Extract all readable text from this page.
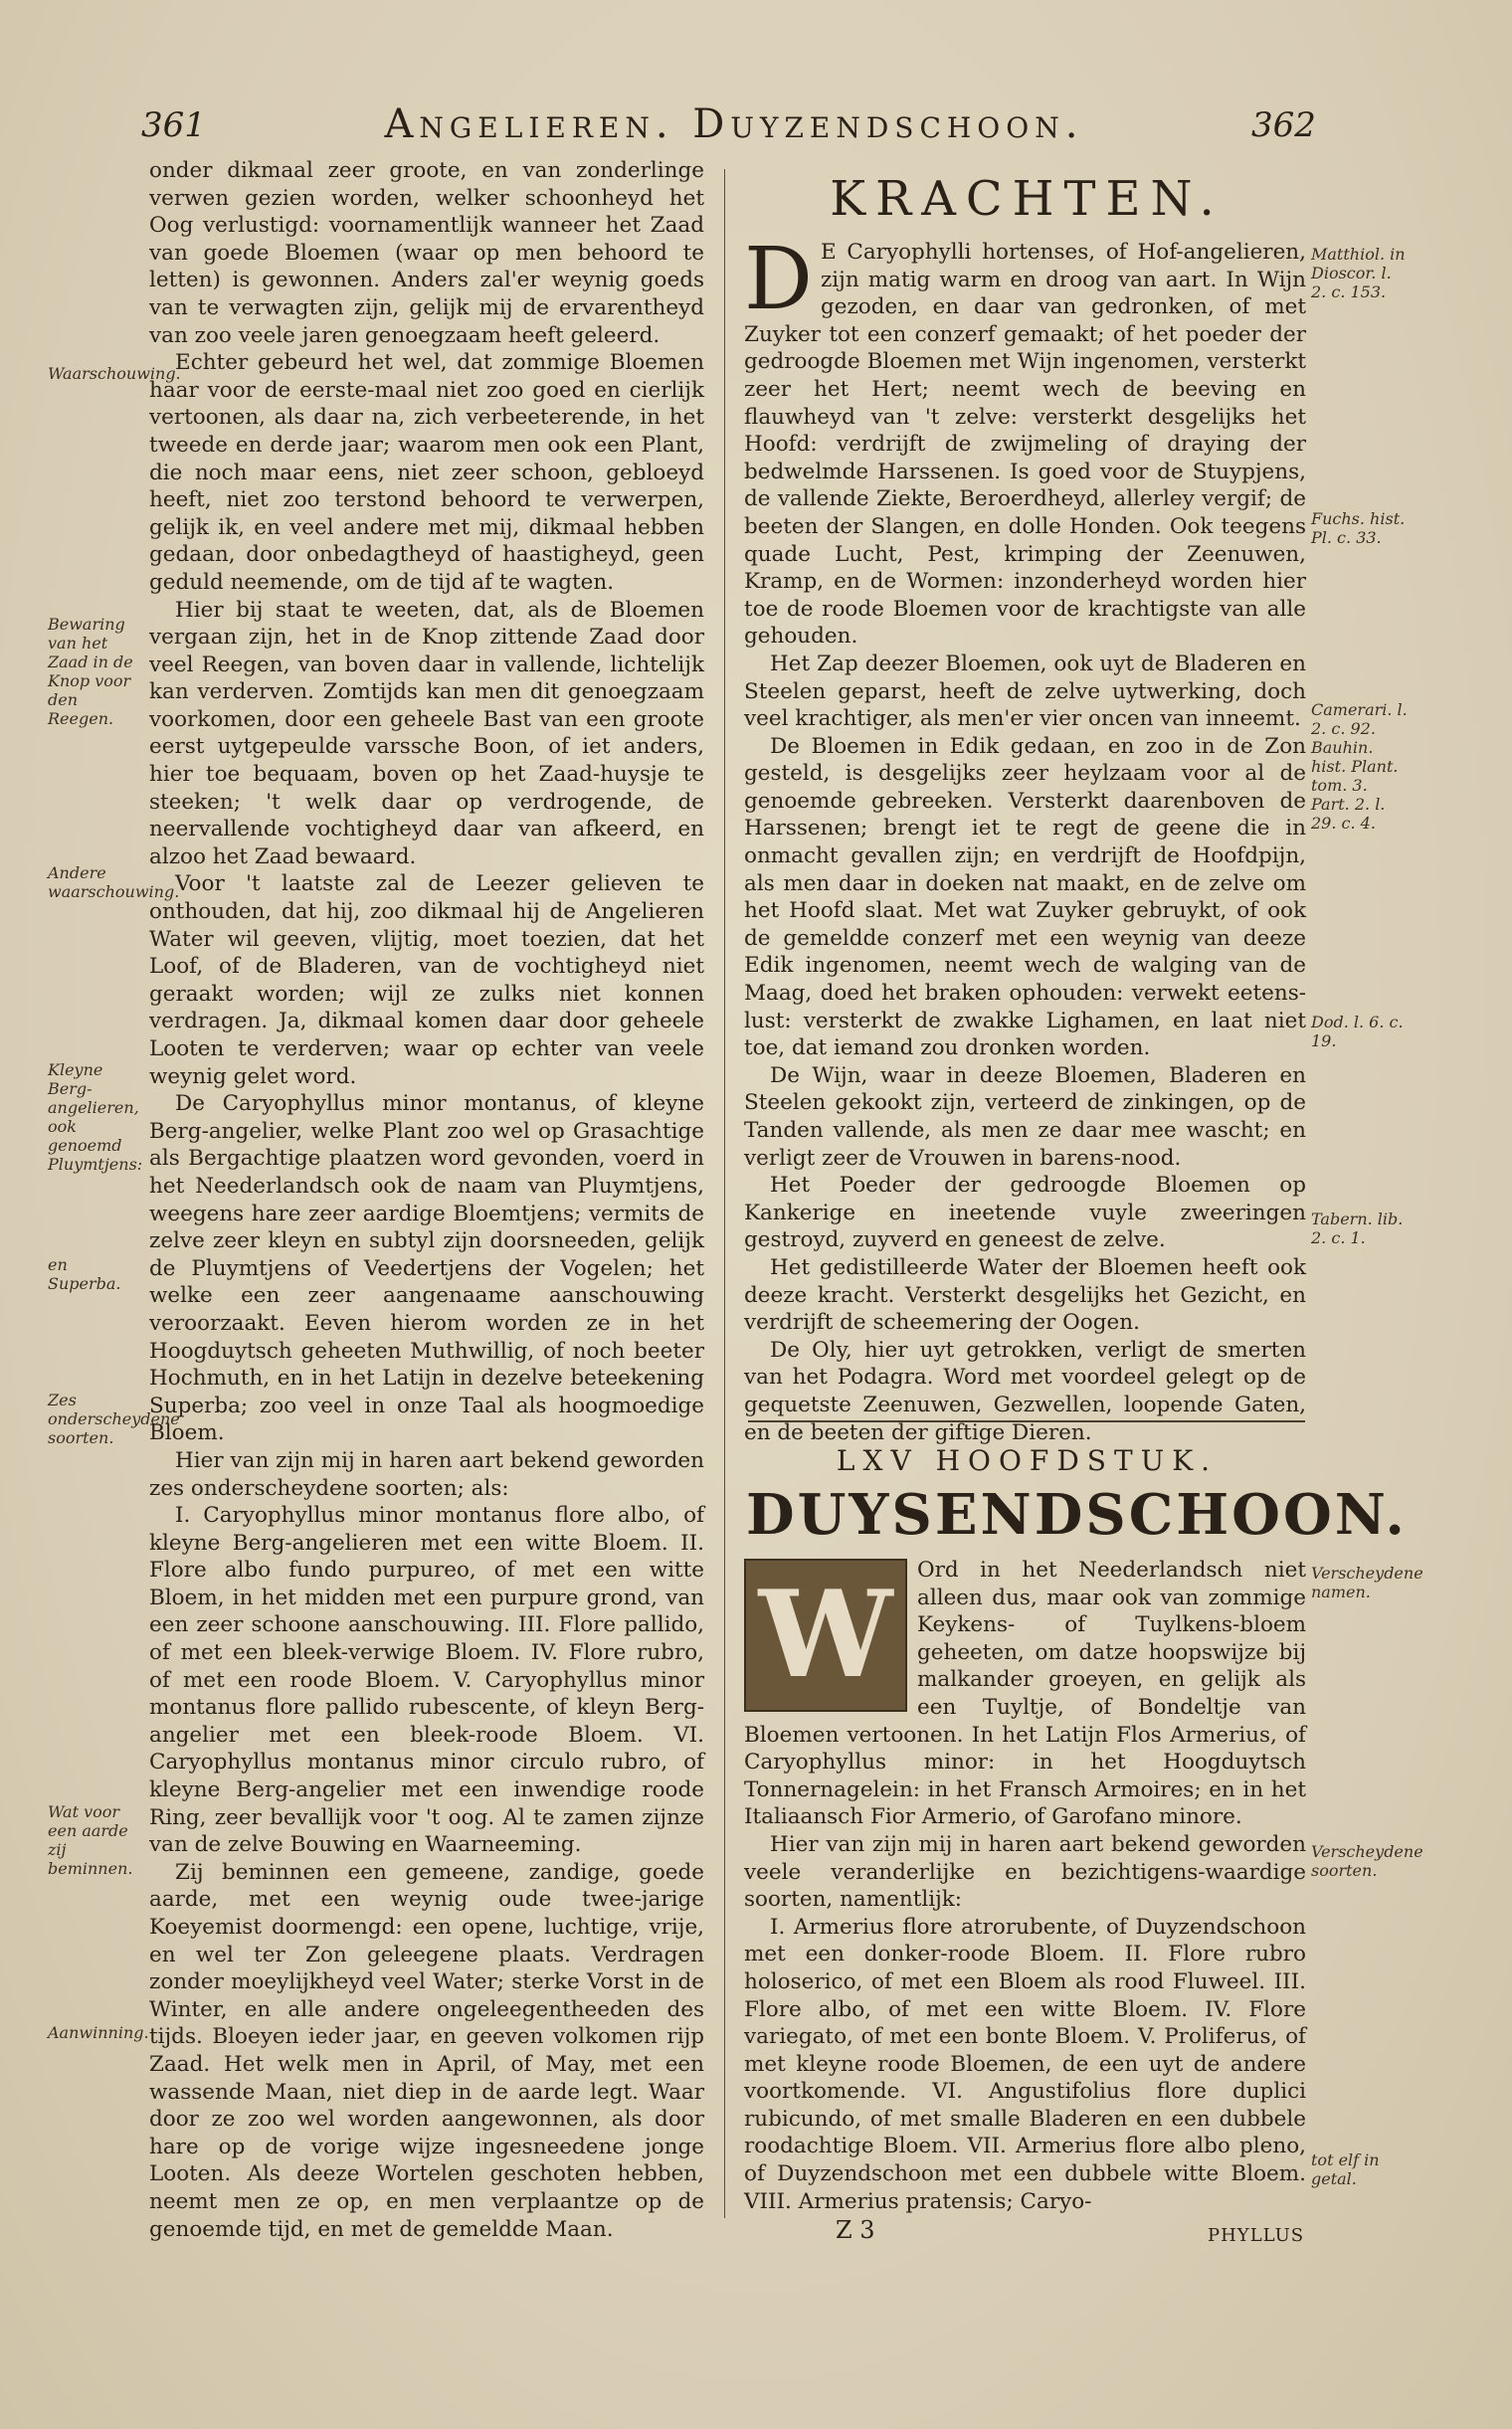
361	Angelieren. Duyzendschoon.	362

onder dikmaal zeer groote, en van zonderlinge verwen gezien worden, welker schoonheyd het Oog verlustigd: voornamentlijk wanneer het Zaad van goede Bloemen (waar op men behoord te letten) is gewonnen. Anders zal'er weynig goeds van te verwagten zijn, gelijk mij de ervarentheyd van zoo veele jaren genoegzaam heeft geleerd.

Echter gebeurd het wel, dat zommige Bloemen haar voor de eerste-maal niet zoo goed en cierlijk vertoonen, als daar na, zich verbeeterende, in het tweede en derde jaar; waarom men ook een Plant, die noch maar eens, niet zeer schoon, gebloeyd heeft, niet zoo terstond behoord te verwerpen, gelijk ik, en veel andere met mij, dikmaal hebben gedaan, door onbedagtheyd of haastigheyd, geen geduld neemende, om de tijd af te wagten.

Hier bij staat te weeten, dat, als de Bloemen vergaan zijn, het in de Knop zittende Zaad door veel Reegen, van boven daar in vallende, lichtelijk kan verderven. Zomtijds kan men dit genoegzaam voorkomen, door een geheele Bast van een groote eerst uytgepeulde varssche Boon, of iet anders, hier toe bequaam, boven op het Zaad-huysje te steeken; 't welk daar op verdrogende, de neervallende vochtigheyd daar van afkeerd, en alzoo het Zaad bewaard.

Voor 't laatste zal de Leezer gelieven te onthouden, dat hij, zoo dikmaal hij de Angelieren Water wil geeven, vlijtig, moet toezien, dat het Loof, of de Bladeren, van de vochtigheyd niet geraakt worden; wijl ze zulks niet konnen verdragen. Ja, dikmaal komen daar door geheele Looten te verderven; waar op echter van veele weynig gelet word.

De Caryophyllus minor montanus, of kleyne Berg-angelier, welke Plant zoo wel op Grasachtige als Bergachtige plaatzen word gevonden, voerd in het Neederlandsch ook de naam van Pluymtjens, weegens hare zeer aardige Bloemtjens; vermits de zelve zeer kleyn en subtyl zijn doorsneeden, gelijk de Pluymtjens of Veedertjens der Vogelen; het welke een zeer aangenaame aanschouwing veroorzaakt. Eeven hierom worden ze in het Hoogduytsch geheeten Muthwillig, of noch beeter Hochmuth, en in het Latijn in dezelve beteekening Superba; zoo veel in onze Taal als hoogmoedige Bloem.

Hier van zijn mij in haren aart bekend geworden zes onderscheydene soorten; als:

I. Caryophyllus minor montanus flore albo, of kleyne Berg-angelieren met een witte Bloem. II. Flore albo fundo purpureo, of met een witte Bloem, in het midden met een purpure grond, van een zeer schoone aanschouwing. III. Flore pallido, of met een bleek-verwige Bloem. IV. Flore rubro, of met een roode Bloem. V. Caryophyllus minor montanus flore pallido rubescente, of kleyn Berg-angelier met een bleek-roode Bloem. VI. Caryophyllus montanus minor circulo rubro, of kleyne Berg-angelier met een inwendige roode Ring, zeer bevallijk voor 't oog. Al te zamen zijnze van de zelve Bouwing en Waarneeming.

Zij beminnen een gemeene, zandige, goede aarde, met een weynig oude twee-jarige Koeyemist doormengd: een opene, luchtige, vrije, en wel ter Zon geleegene plaats. Verdragen zonder moeylijkheyd veel Water; sterke Vorst in de Winter, en alle andere ongeleegentheeden des tijds. Bloeyen ieder jaar, en geeven volkomen rijp Zaad. Het welk men in April, of May, met een wassende Maan, niet diep in de aarde legt. Waar door ze zoo wel worden aangewonnen, als door hare op de vorige wijze ingesneedene jonge Looten. Als deeze Wortelen geschoten hebben, neemt men ze op, en men verplaantze op de genoemde tijd, en met de gemeldde Maan.

Waarschouwing.
Bewaring van het Zaad in de Knop voor den Reegen.
Andere waarschouwing.
Kleyne Berg-angelieren, ook genoemd Pluymtjens:
en Superba.
Zes onderscheydene soorten.
Wat voor een aarde zij beminnen.
Aanwinning.
KRACHTEN.

D E Caryophylli hortenses, of Hof-angelieren, zijn matig warm en droog van aart. In Wijn gezoden, en daar van gedronken, of met Zuyker tot een conzerf gemaakt; of het poeder der gedroogde Bloemen met Wijn ingenomen, versterkt zeer het Hert; neemt wech de beeving en flauwheyd van 't zelve: versterkt desgelijks het Hoofd: verdrijft de zwijmeling of draying der bedwelmde Harssenen. Is goed voor de Stuypjens, de vallende Ziekte, Beroerdheyd, allerley vergif; de beeten der Slangen, en dolle Honden. Ook teegens quade Lucht, Pest, krimping der Zeenuwen, Kramp, en de Wormen: inzonderheyd worden hier toe de roode Bloemen voor de krachtigste van alle gehouden.

Het Zap deezer Bloemen, ook uyt de Bladeren en Steelen geparst, heeft de zelve uytwerking, doch veel krachtiger, als men'er vier oncen van inneemt.

De Bloemen in Edik gedaan, en zoo in de Zon gesteld, is desgelijks zeer heylzaam voor al de genoemde gebreeken. Versterkt daarenboven de Harssenen; brengt iet te regt de geene die in onmacht gevallen zijn; en verdrijft de Hoofdpijn, als men daar in doeken nat maakt, en de zelve om het Hoofd slaat. Met wat Zuyker gebruykt, of ook de gemeldde conzerf met een weynig van deeze Edik ingenomen, neemt wech de walging van de Maag, doed het braken ophouden: verwekt eetens-lust: versterkt de zwakke Lighamen, en laat niet toe, dat iemand zou dronken worden.

De Wijn, waar in deeze Bloemen, Bladeren en Steelen gekookt zijn, verteerd de zinkingen, op de Tanden vallende, als men ze daar mee wascht; en verligt zeer de Vrouwen in barens-nood.

Het Poeder der gedroogde Bloemen op Kankerige en ineetende vuyle zweeringen gestroyd, zuyverd en geneest de zelve.

Het gedistilleerde Water der Bloemen heeft ook deeze kracht. Versterkt desgelijks het Gezicht, en verdrijft de scheemering der Oogen.

De Oly, hier uyt getrokken, verligt de smerten van het Podagra. Word met voordeel gelegt op de gequetste Zeenuwen, Gezwellen, loopende Gaten, en de beeten der giftige Dieren.

Matthiol. in Dioscor. l. 2. c. 153.
Fuchs. hist. Pl. c. 33.
Camerari. l. 2. c. 92. Bauhin. hist. Plant. tom. 3. Part. 2. l. 29. c. 4.
Dod. l. 6. c. 19.
Tabern. lib. 2. c. 1.
LXV HOOFDSTUK.
DUYSENDSCHOON.

W	Ord in het Neederlandsch niet alleen dus, maar ook van zommige Keykens- of Tuylkens-bloem geheeten, om datze hoopswijze bij malkander groeyen, en gelijk als een Tuyltje, of Bondeltje van Bloemen vertoonen. In het Latijn Flos Armerius, of Caryophyllus minor: in het Hoogduytsch Tonnernagelein: in het Fransch Armoires; en in het Italiaansch Fior Armerio, of Garofano minore.

Hier van zijn mij in haren aart bekend geworden veele veranderlijke en bezichtigens-waardige soorten, namentlijk:

I. Armerius flore atrorubente, of Duyzendschoon met een donker-roode Bloem. II. Flore rubro holoserico, of met een Bloem als rood Fluweel. III. Flore albo, of met een witte Bloem. IV. Flore variegato, of met een bonte Bloem. V. Proliferus, of met kleyne roode Bloemen, de een uyt de andere voortkomende. VI. Angustifolius flore duplici rubicundo, of met smalle Bladeren en een dubbele roodachtige Bloem. VII. Armerius flore albo pleno, of Duyzendschoon met een dubbele witte Bloem. VIII. Armerius pratensis; Caryo-

Verscheydene namen.
Verscheydene soorten.
tot elf in getal.
Z 3	PHYLLUS
